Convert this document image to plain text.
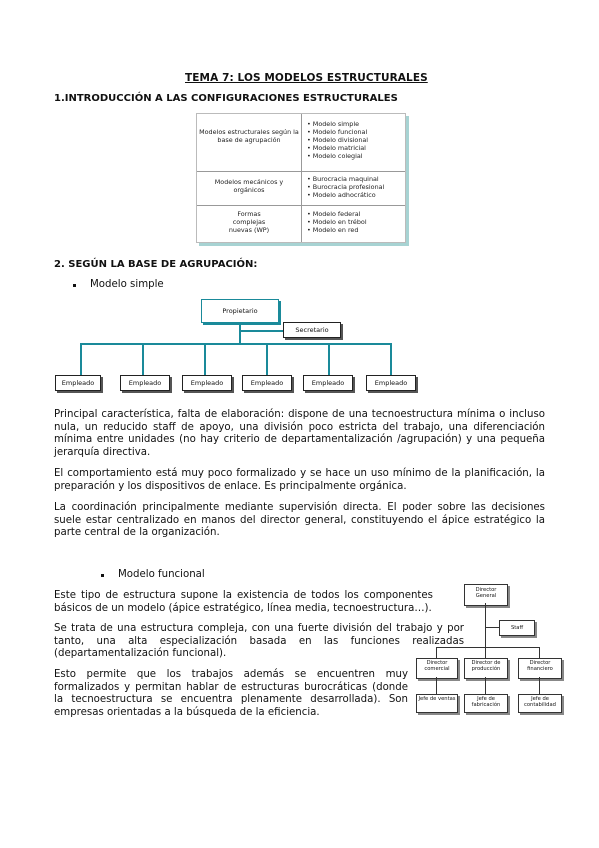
TEMA 7: LOS MODELOS ESTRUCTURALES
1.INTRODUCCIÓN A LAS CONFIGURACIONES ESTRUCTURALES
Modelos estructurales según la base de agrupación
• Modelo simple
• Modelo funcional
• Modelo divisional
• Modelo matricial
• Modelo colegial
Modelos mecánicos y orgánicos
• Burocracia maquinal
• Burocracia profesional
• Modelo adhocrático
Formas complejas nuevas (WP)
• Modelo federal
• Modelo en trébol
• Modelo en red
2. SEGÚN LA BASE DE AGRUPACIÓN:
Modelo simple
Propietario
Secretario
Empleado	Empleado	Empleado	Empleado	Empleado	Empleado
Principal característica, falta de elaboración: dispone de una tecnoestructura mínima o incluso nula, un reducido staff de apoyo, una división poco estricta del trabajo, una diferenciación mínima entre unidades (no hay criterio de departamentalización /agrupación) y una pequeña jerarquía directiva.
El comportamiento está muy poco formalizado y se hace un uso mínimo de la planificación, la preparación y los dispositivos de enlace. Es principalmente orgánica.
La coordinación principalmente mediante supervisión directa. El poder sobre las decisiones suele estar centralizado en manos del director general, constituyendo el ápice estratégico la parte central de la organización.
Modelo funcional
Este tipo de estructura supone la existencia de todos los componentes básicos de un modelo (ápice estratégico, línea media, tecnoestructura…).
Se trata de una estructura compleja, con una fuerte división del trabajo y por tanto, una alta especialización basada en las funciones realizadas (departamentalización funcional).
Esto permite que los trabajos además se encuentren muy formalizados y permitan hablar de estructuras burocráticas (donde la tecnoestructura se encuentra plenamente desarrollada). Son empresas orientadas a la búsqueda de la eficiencia.
Director General
Staff
Director comercial
Director de producción
Director financiero
Jefe de ventas	Jefe de fabricación
Jefe de contabilidad
